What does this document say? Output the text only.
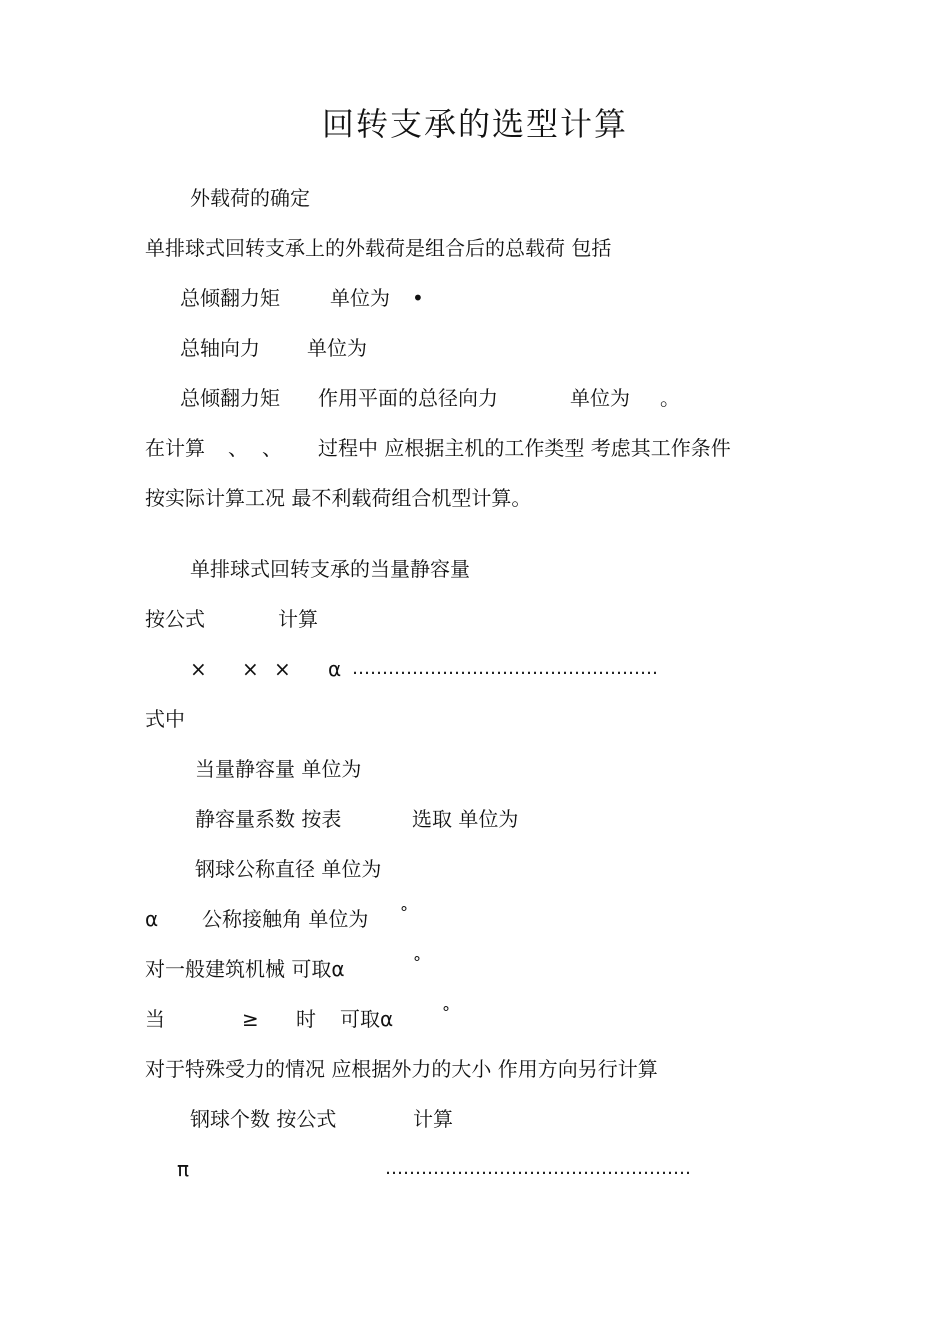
回转支承的选型计算
外载荷的确定
单排球式回转支承上的外载荷是组合后的总载荷 包括
总倾翻力矩	单位为 •
总轴向力 单位为
总倾翻力矩 作用平面的总径向力	单位为 。
在计算 、 、 过程中 应根据主机的工作类型 考虑其工作条件
按实际计算工况 最不利载荷组合机型计算。
单排球式回转支承的当量静容量
按公式	计算
× × × α ……………………………………………
式中
当量静容量 单位为
静容量系数 按表	选取 单位为
钢球公称直径 单位为
α 公称接触角 单位为 °
对一般建筑机械 可取α	°
当	≥ 时 可取α	°
对于特殊受力的情况 应根据外力的大小 作用方向另行计算
钢球个数 按公式	计算
π	……………………………………………
